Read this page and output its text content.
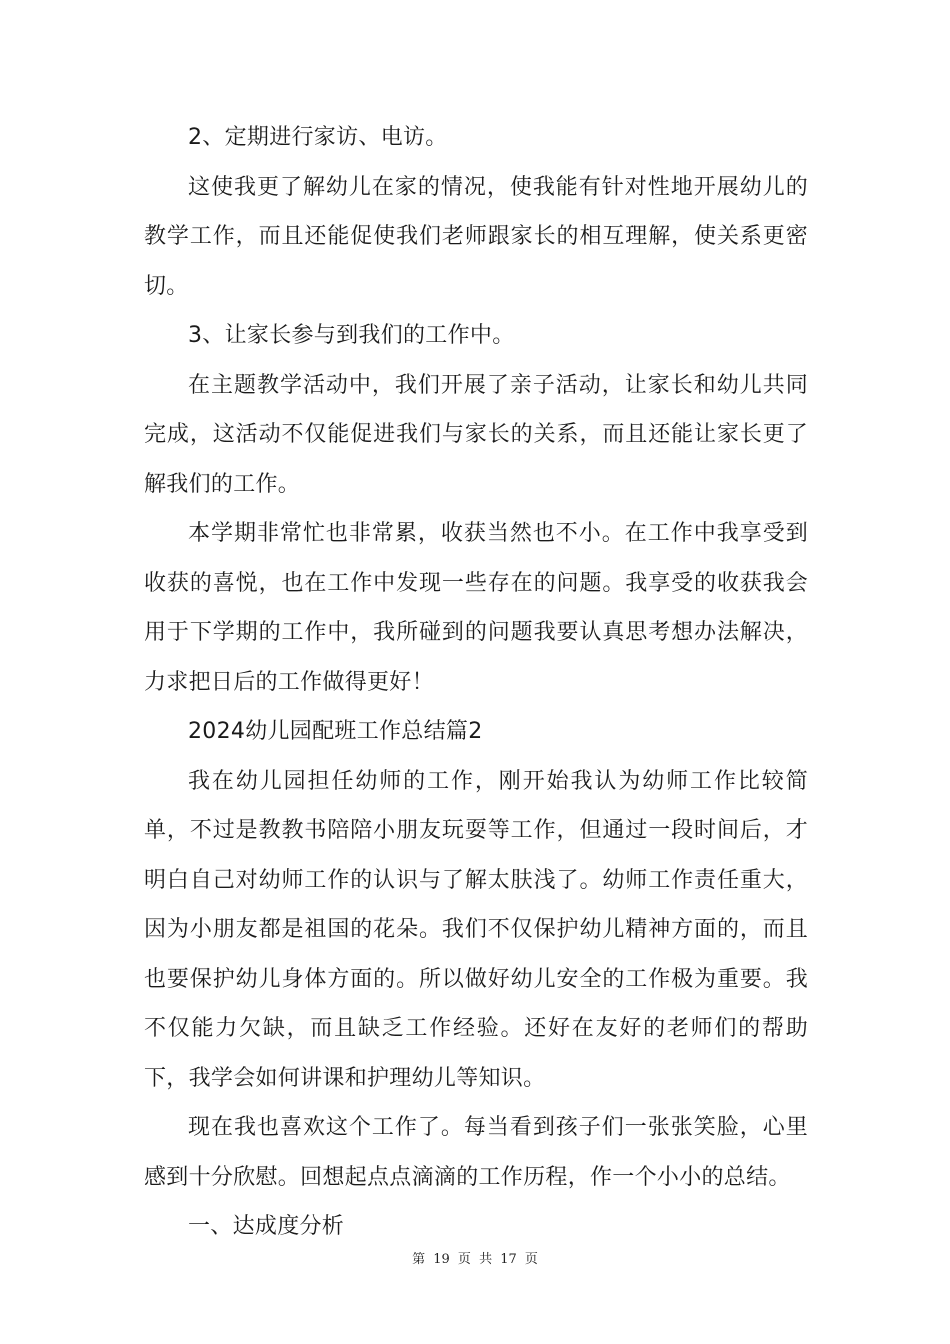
2、定期进行家访、电访。

这使我更了解幼儿在家的情况，使我能有针对性地开展幼儿的教学工作，而且还能促使我们老师跟家长的相互理解，使关系更密切。

3、让家长参与到我们的工作中。

在主题教学活动中，我们开展了亲子活动，让家长和幼儿共同完成，这活动不仅能促进我们与家长的关系，而且还能让家长更了解我们的工作。

本学期非常忙也非常累，收获当然也不小。在工作中我享受到收获的喜悦，也在工作中发现一些存在的问题。我享受的收获我会用于下学期的工作中，我所碰到的问题我要认真思考想办法解决，力求把日后的工作做得更好！

2024幼儿园配班工作总结篇2

我在幼儿园担任幼师的工作，刚开始我认为幼师工作比较简单，不过是教教书陪陪小朋友玩耍等工作，但通过一段时间后，才明白自己对幼师工作的认识与了解太肤浅了。幼师工作责任重大，因为小朋友都是祖国的花朵。我们不仅保护幼儿精神方面的，而且也要保护幼儿身体方面的。所以做好幼儿安全的工作极为重要。我不仅能力欠缺，而且缺乏工作经验。还好在友好的老师们的帮助下，我学会如何讲课和护理幼儿等知识。

现在我也喜欢这个工作了。每当看到孩子们一张张笑脸，心里感到十分欣慰。回想起点点滴滴的工作历程，作一个小小的总结。

一、达成度分析

第 19 页 共 17 页
